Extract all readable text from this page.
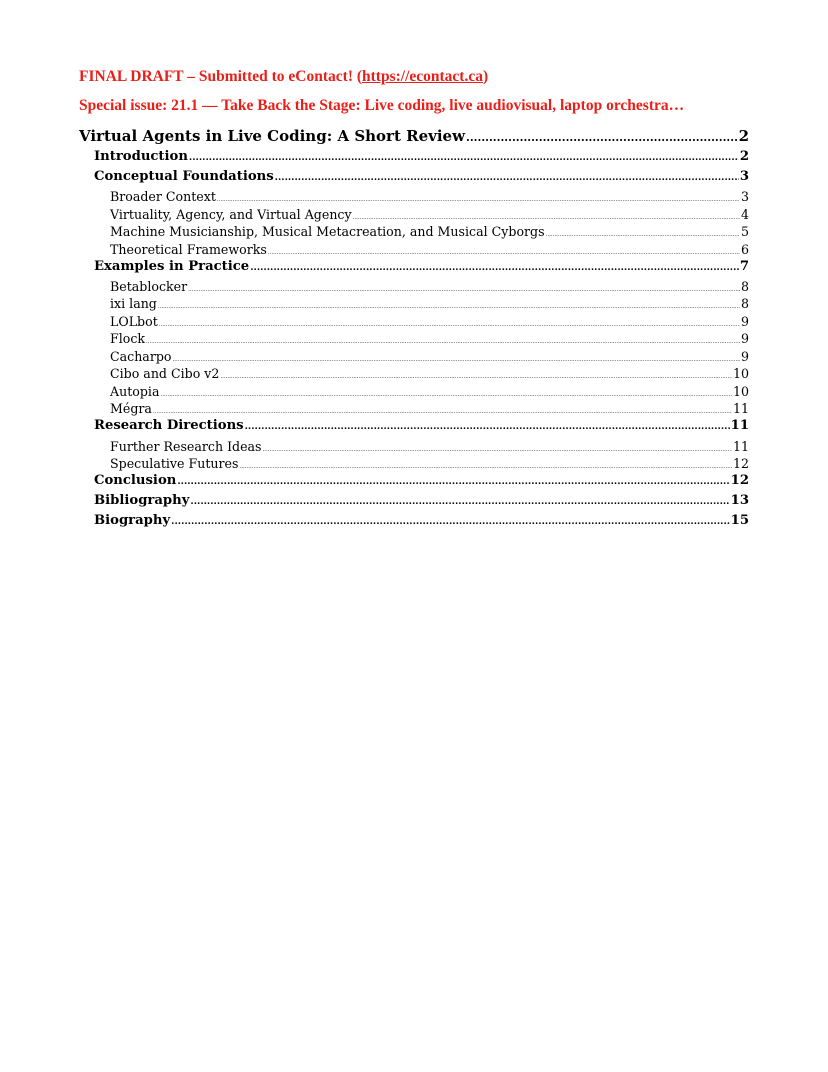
FINAL DRAFT – Submitted to eContact! (https://econtact.ca)
Special issue: 21.1 — Take Back the Stage: Live coding, live audiovisual, laptop orchestra…
Virtual Agents in Live Coding: A Short Review .....	2
Introduction .....	2
Conceptual Foundations .....	3
Broader Context .....	3
Virtuality, Agency, and Virtual Agency .....	4
Machine Musicianship, Musical Metacreation, and Musical Cyborgs .....	5
Theoretical Frameworks .....	6
Examples in Practice .....	7
Betablocker .....	8
ixi lang .....	8
LOLbot .....	9
Flock .....	9
Cacharpo .....	9
Cibo and Cibo v2 .....	10
Autopia .....	10
Mégra .....	11
Research Directions .....	11
Further Research Ideas .....	11
Speculative Futures .....	12
Conclusion .....	12
Bibliography .....	13
Biography .....	15
